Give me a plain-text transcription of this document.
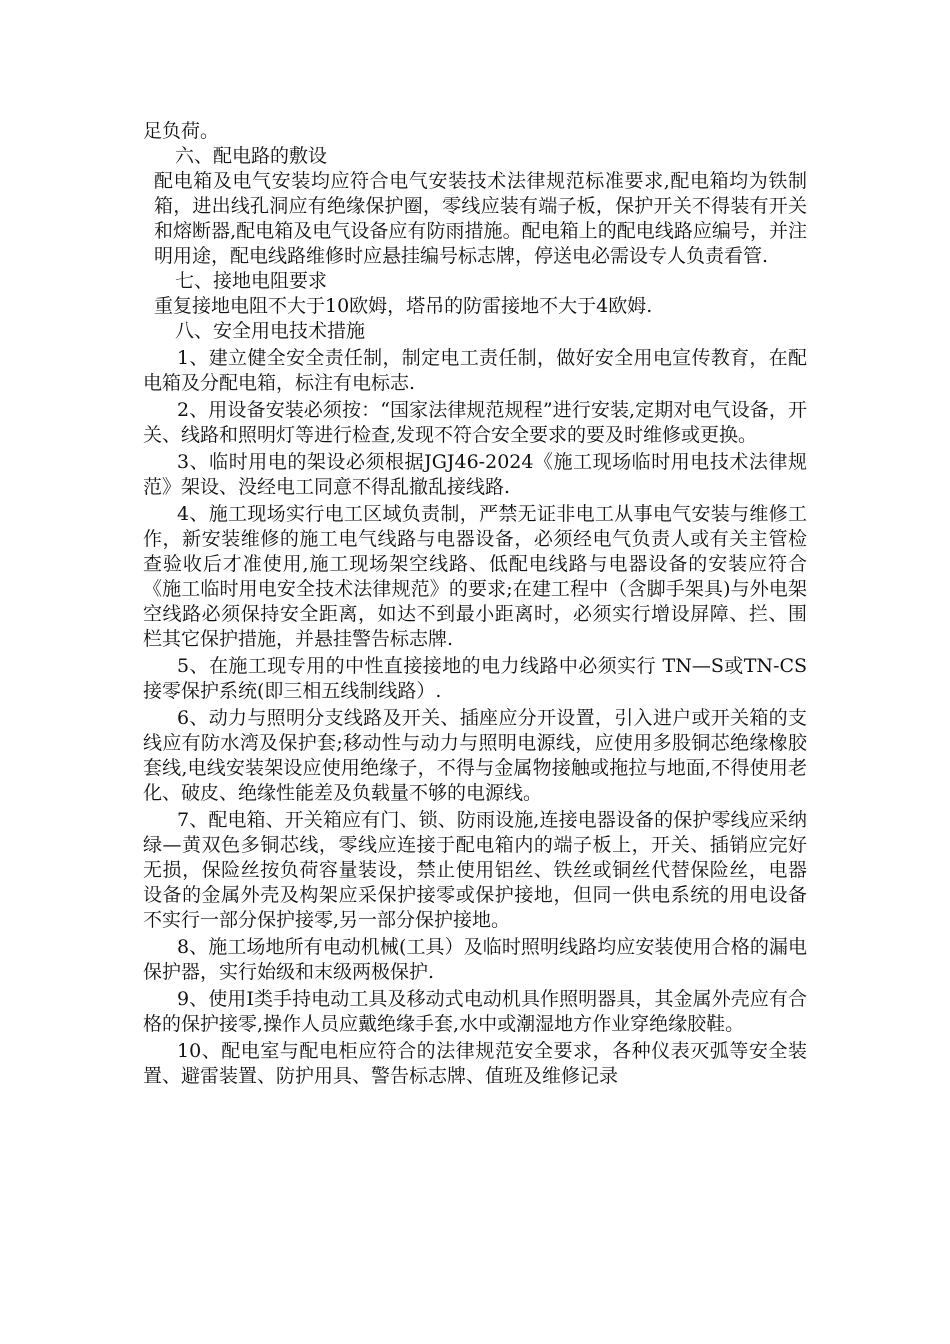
足负荷。

六、配电路的敷设

配电箱及电气安装均应符合电气安装技术法律规范标准要求,配电箱均为铁制箱，进出线孔洞应有绝缘保护圈，零线应装有端子板，保护开关不得装有开关和熔断器,配电箱及电气设备应有防雨措施。配电箱上的配电线路应编号，并注明用途，配电线路维修时应悬挂编号标志牌，停送电必需设专人负责看管.

七、接地电阻要求

重复接地电阻不大于10欧姆，塔吊的防雷接地不大于4欧姆.

八、安全用电技术措施

1、建立健全安全责任制，制定电工责任制，做好安全用电宣传教育，在配电箱及分配电箱，标注有电标志.

2、用设备安装必须按：“国家法律规范规程”进行安装,定期对电气设备，开关、线路和照明灯等进行检查,发现不符合安全要求的要及时维修或更换。

3、临时用电的架设必须根据JGJ46-2024《施工现场临时用电技术法律规范》架设、没经电工同意不得乱撤乱接线路.

4、施工现场实行电工区域负责制，严禁无证非电工从事电气安装与维修工作，新安装维修的施工电气线路与电器设备，必须经电气负责人或有关主管检查验收后才准使用,施工现场架空线路、低配电线路与电器设备的安装应符合《施工临时用电安全技术法律规范》的要求;在建工程中（含脚手架具)与外电架空线路必须保持安全距离，如达不到最小距离时，必须实行增设屏障、拦、围栏其它保护措施，并悬挂警告标志牌.

5、在施工现专用的中性直接接地的电力线路中必须实行 TN—S或TN-CS接零保护系统(即三相五线制线路）.

6、动力与照明分支线路及开关、插座应分开设置，引入进户或开关箱的支线应有防水湾及保护套;移动性与动力与照明电源线，应使用多股铜芯绝缘橡胶套线,电线安装架设应使用绝缘子，不得与金属物接触或拖拉与地面,不得使用老化、破皮、绝缘性能差及负载量不够的电源线。

7、配电箱、开关箱应有门、锁、防雨设施,连接电器设备的保护零线应采纳绿—黄双色多铜芯线，零线应连接于配电箱内的端子板上，开关、插销应完好无损，保险丝按负荷容量装设，禁止使用铝丝、铁丝或铜丝代替保险丝，电器设备的金属外壳及构架应采保护接零或保护接地，但同一供电系统的用电设备不实行一部分保护接零,另一部分保护接地。

8、施工场地所有电动机械(工具）及临时照明线路均应安装使用合格的漏电保护器，实行始级和末级两极保护.

9、使用Ⅰ类手持电动工具及移动式电动机具作照明器具，其金属外壳应有合格的保护接零,操作人员应戴绝缘手套,水中或潮湿地方作业穿绝缘胶鞋。

10、配电室与配电柜应符合的法律规范安全要求，各种仪表灭弧等安全装置、避雷装置、防护用具、警告标志牌、值班及维修记录
